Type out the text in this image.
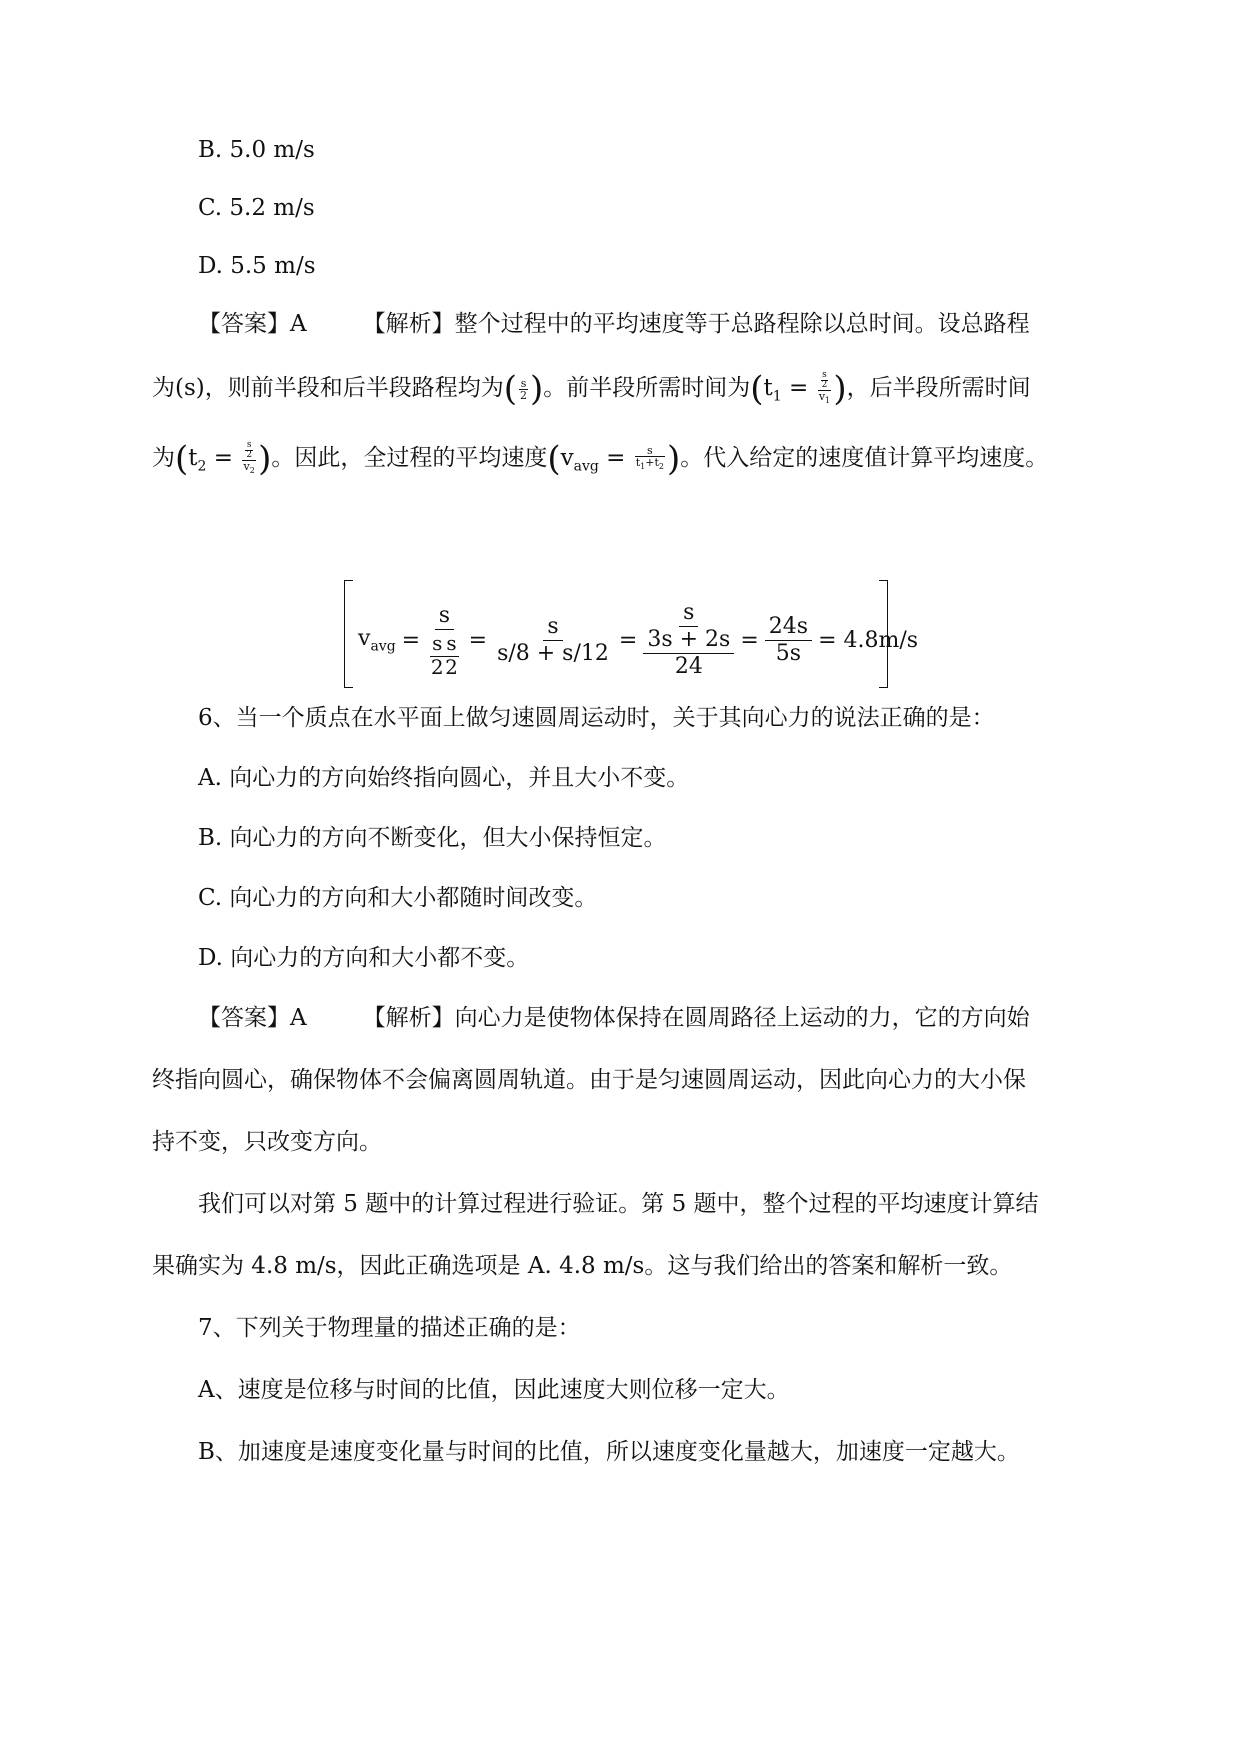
B. 5.0 m/s
C. 5.2 m/s
D. 5.5 m/s
【答案】A 【解析】整个过程中的平均速度等于总路程除以总时间。设总路程
为(s)，则前半段和后半段路程均为( $\frac{s}{2}$ )。前半段所需时间为($t_1 = \frac{\frac{s}{2}}{v_1}$ )，后半段所需时间
为($t_2 = \frac{\frac{s}{2}}{v_2}$ )。因此，全过程的平均速度($v_{avg} = \frac{s}{t_1+t_2}$ )。代入给定的速度值计算平均速度。
$v_{avg} = \frac{s}{\frac{s}{2} \frac{s}{2}} = \frac{s}{s/8 + s/12}$ =
s
3s + 2s
24
= $\frac{24s}{5s} = 4.8m/s$
6、当一个质点在水平面上做匀速圆周运动时，关于其向心力的说法正确的是：
A. 向心力的方向始终指向圆心，并且大小不变。
B. 向心力的方向不断变化，但大小保持恒定。
C. 向心力的方向和大小都随时间改变。
D. 向心力的方向和大小都不变。
【答案】A 【解析】向心力是使物体保持在圆周路径上运动的力，它的方向始
终指向圆心，确保物体不会偏离圆周轨道。由于是匀速圆周运动，因此向心力的大小保
持不变，只改变方向。
我们可以对第 5 题中的计算过程进行验证。第 5 题中，整个过程的平均速度计算结
果确实为 4.8 m/s，因此正确选项是 A. 4.8 m/s。这与我们给出的答案和解析一致。
7、下列关于物理量的描述正确的是：
A、速度是位移与时间的比值，因此速度大则位移一定大。
B、加速度是速度变化量与时间的比值，所以速度变化量越大，加速度一定越大。
